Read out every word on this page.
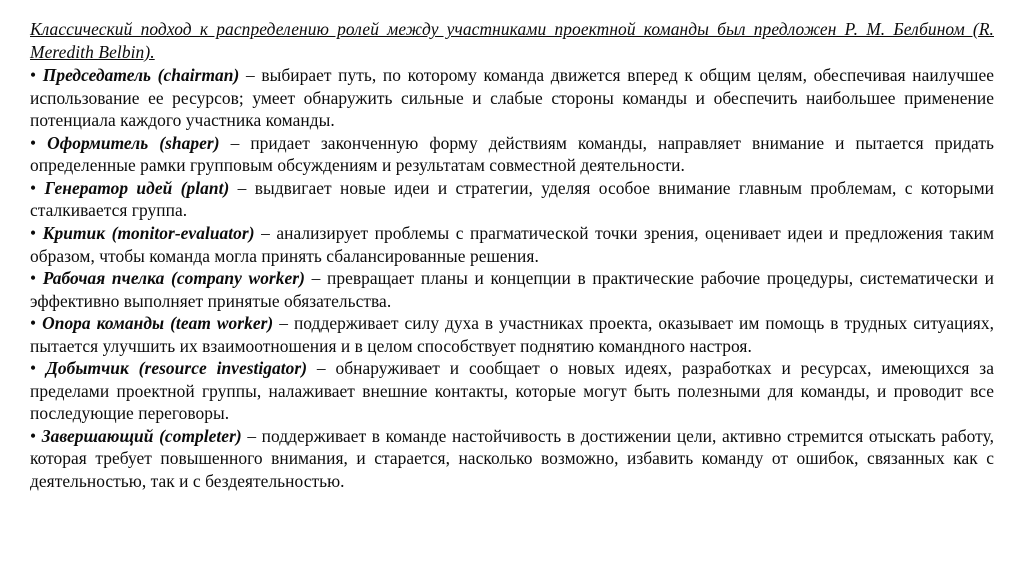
Классический подход к распределению ролей между участниками проектной команды был предложен Р. М. Белбином (R. Meredith Belbin).

• Председатель (chairman) – выбирает путь, по которому команда движется вперед к общим целям, обеспечивая наилучшее использование ее ресурсов; умеет обнаружить сильные и слабые стороны команды и обеспечить наибольшее применение потенциала каждого участника команды.

• Оформитель (shaper) – придает законченную форму действиям команды, направляет внимание и пытается придать определенные рамки групповым обсуждениям и результатам совместной деятельности.

• Генератор идей (plant) – выдвигает новые идеи и стратегии, уделяя особое внимание главным проблемам, с которыми сталкивается группа.

• Критик (monitor-evaluator) – анализирует проблемы с прагматической точки зрения, оценивает идеи и предложения таким образом, чтобы команда могла принять сбалансированные решения.

• Рабочая пчелка (company worker) – превращает планы и концепции в практические рабочие процедуры, систематически и эффективно выполняет принятые обязательства.

• Опора команды (team worker) – поддерживает силу духа в участниках проекта, оказывает им помощь в трудных ситуациях, пытается улучшить их взаимоотношения и в целом способствует поднятию командного настроя.

• Добытчик (resource investigator) – обнаруживает и сообщает о новых идеях, разработках и ресурсах, имеющихся за пределами проектной группы, налаживает внешние контакты, которые могут быть полезными для команды, и проводит все последующие переговоры.

• Завершающий (completer) – поддерживает в команде настойчивость в достижении цели, активно стремится отыскать работу, которая требует повышенного внимания, и старается, насколько возможно, избавить команду от ошибок, связанных как с деятельностью, так и с бездеятельностью.
